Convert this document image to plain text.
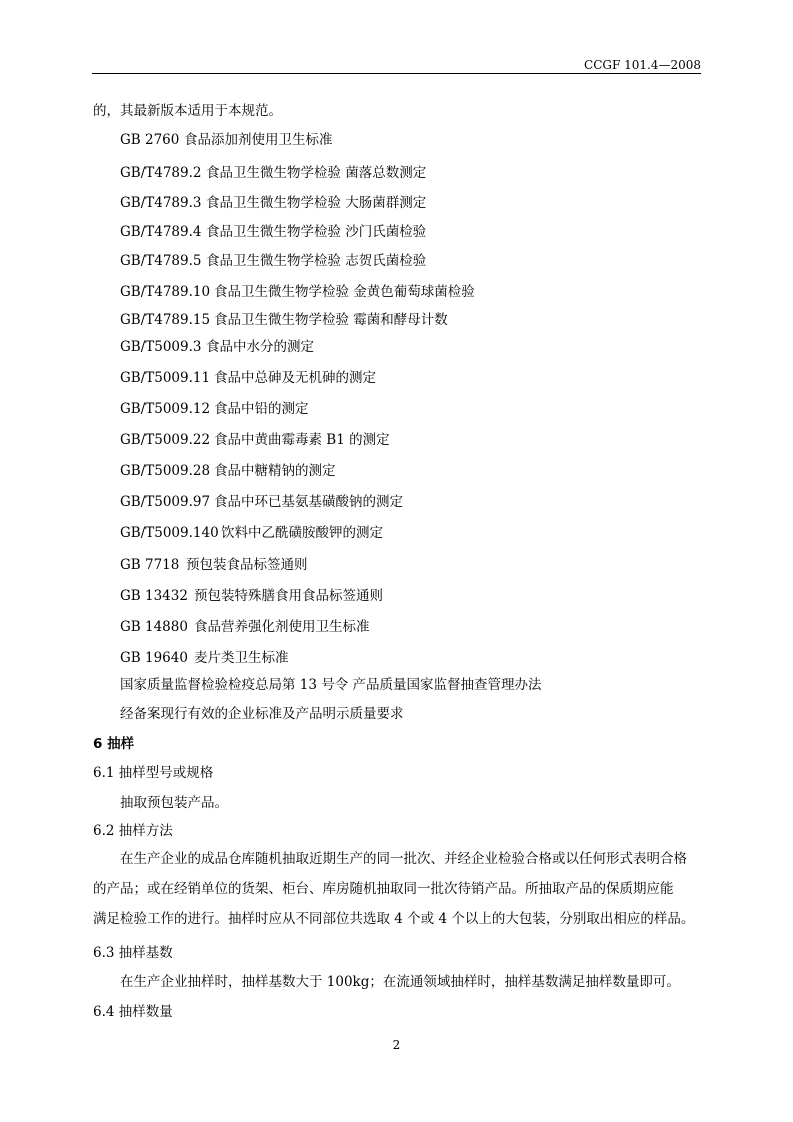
CCGF 101.4—2008
的，其最新版本适用于本规范。
GB 2760 食品添加剂使用卫生标准
GB/T4789.2 食品卫生微生物学检验 菌落总数测定
GB/T4789.3 食品卫生微生物学检验 大肠菌群测定
GB/T4789.4 食品卫生微生物学检验 沙门氏菌检验
GB/T4789.5 食品卫生微生物学检验 志贺氏菌检验
GB/T4789.10 食品卫生微生物学检验 金黄色葡萄球菌检验
GB/T4789.15 食品卫生微生物学检验 霉菌和酵母计数
GB/T5009.3 食品中水分的测定
GB/T5009.11 食品中总砷及无机砷的测定
GB/T5009.12 食品中铅的测定
GB/T5009.22 食品中黄曲霉毒素 B1 的测定
GB/T5009.28 食品中糖精钠的测定
GB/T5009.97 食品中环已基氨基磺酸钠的测定
GB/T5009.140 饮料中乙酰磺胺酸钾的测定
GB 7718 预包装食品标签通则
GB 13432 预包装特殊膳食用食品标签通则
GB 14880 食品营养强化剂使用卫生标准
GB 19640 麦片类卫生标准
国家质量监督检验检疫总局第 13 号令 产品质量国家监督抽查管理办法
经备案现行有效的企业标准及产品明示质量要求
6 抽样
6.1 抽样型号或规格
抽取预包装产品。
6.2 抽样方法
在生产企业的成品仓库随机抽取近期生产的同一批次、并经企业检验合格或以任何形式表明合格
的产品；或在经销单位的货架、柜台、库房随机抽取同一批次待销产品。所抽取产品的保质期应能
满足检验工作的进行。抽样时应从不同部位共选取 4 个或 4 个以上的大包装，分别取出相应的样品。
6.3 抽样基数
在生产企业抽样时，抽样基数大于 100kg；在流通领域抽样时，抽样基数满足抽样数量即可。
6.4 抽样数量
2
